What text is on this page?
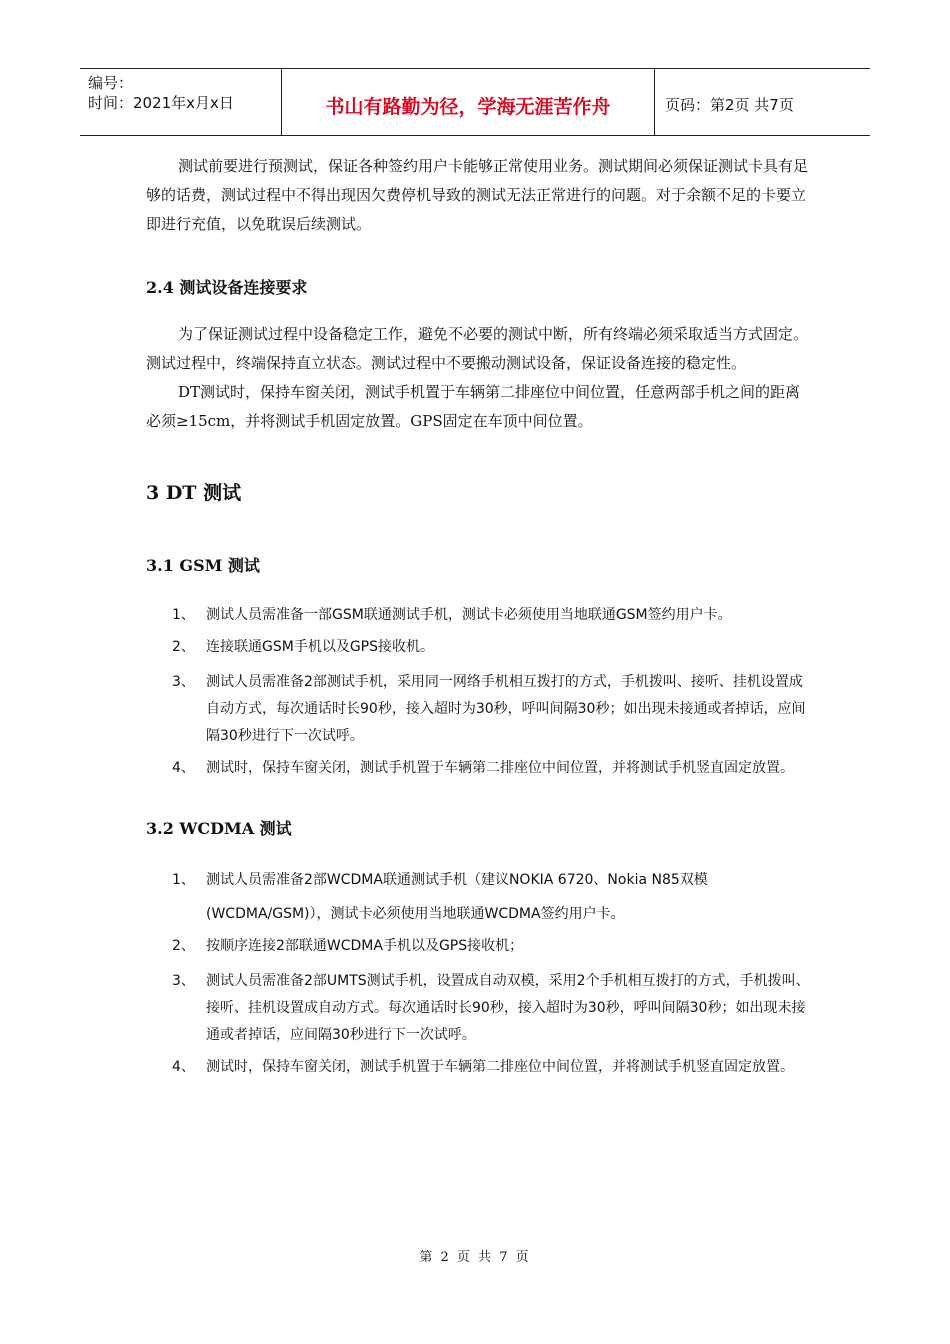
编号：
时间：2021年x月x日	书山有路勤为径，学海无涯苦作舟	页码：第2页 共7页

测试前要进行预测试，保证各种签约用户卡能够正常使用业务。测试期间必须保证测试卡具有足够的话费，测试过程中不得出现因欠费停机导致的测试无法正常进行的问题。对于余额不足的卡要立即进行充值，以免耽误后续测试。

2.4 测试设备连接要求

为了保证测试过程中设备稳定工作，避免不必要的测试中断，所有终端必须采取适当方式固定。测试过程中，终端保持直立状态。测试过程中不要搬动测试设备，保证设备连接的稳定性。

DT测试时，保持车窗关闭，测试手机置于车辆第二排座位中间位置，任意两部手机之间的距离必须≥15cm，并将测试手机固定放置。GPS固定在车顶中间位置。

3 DT 测试
3.1 GSM 测试
1、 测试人员需准备一部GSM联通测试手机，测试卡必须使用当地联通GSM签约用户卡。
2、 连接联通GSM手机以及GPS接收机。
3、 测试人员需准备2部测试手机，采用同一网络手机相互拨打的方式，手机拨叫、接听、挂机设置成自动方式，每次通话时长90秒，接入超时为30秒，呼叫间隔30秒；如出现未接通或者掉话，应间隔30秒进行下一次试呼。
4、 测试时，保持车窗关闭，测试手机置于车辆第二排座位中间位置，并将测试手机竖直固定放置。
3.2 WCDMA 测试
1、 测试人员需准备2部WCDMA联通测试手机（建议NOKIA 6720、Nokia N85双模(WCDMA/GSM)），测试卡必须使用当地联通WCDMA签约用户卡。
2、 按顺序连接2部联通WCDMA手机以及GPS接收机；
3、 测试人员需准备2部UMTS测试手机，设置成自动双模，采用2个手机相互拨打的方式，手机拨叫、接听、挂机设置成自动方式。每次通话时长90秒，接入超时为30秒，呼叫间隔30秒；如出现未接通或者掉话，应间隔30秒进行下一次试呼。
4、 测试时，保持车窗关闭，测试手机置于车辆第二排座位中间位置，并将测试手机竖直固定放置。
第 2 页 共 7 页
